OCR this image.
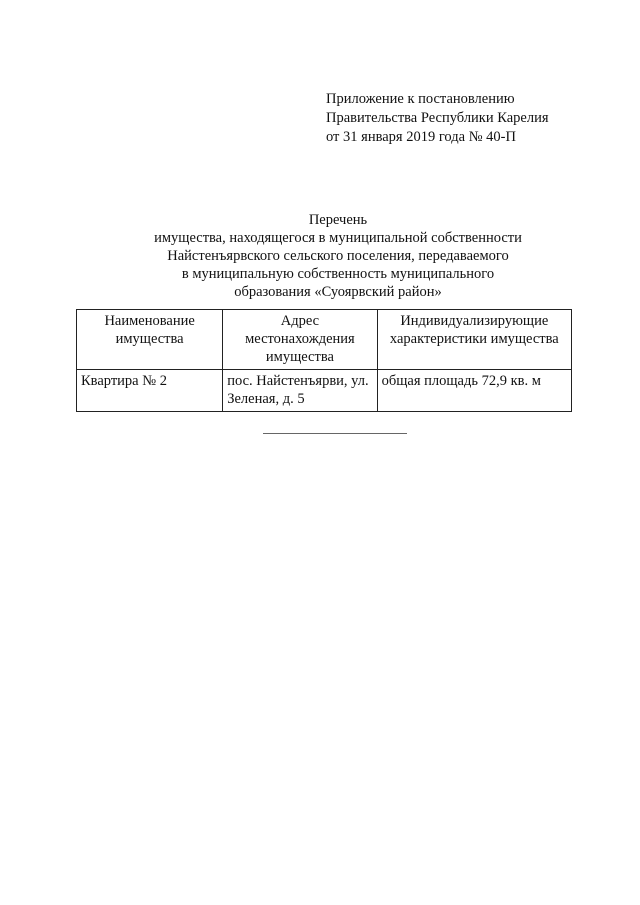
Приложение к постановлению
Правительства Республики Карелия
от 31 января 2019 года № 40-П
Перечень
имущества, находящегося в муниципальной собственности
Найстенъярвского сельского поселения, передаваемого
в муниципальную собственность муниципального
образования «Суоярвский район»
Наименование имущества	Адрес местонахождения имущества	Индивидуализирующие характеристики имущества
Квартира № 2	пос. Найстенъярви, ул. Зеленая, д. 5	общая площадь 72,9 кв. м
